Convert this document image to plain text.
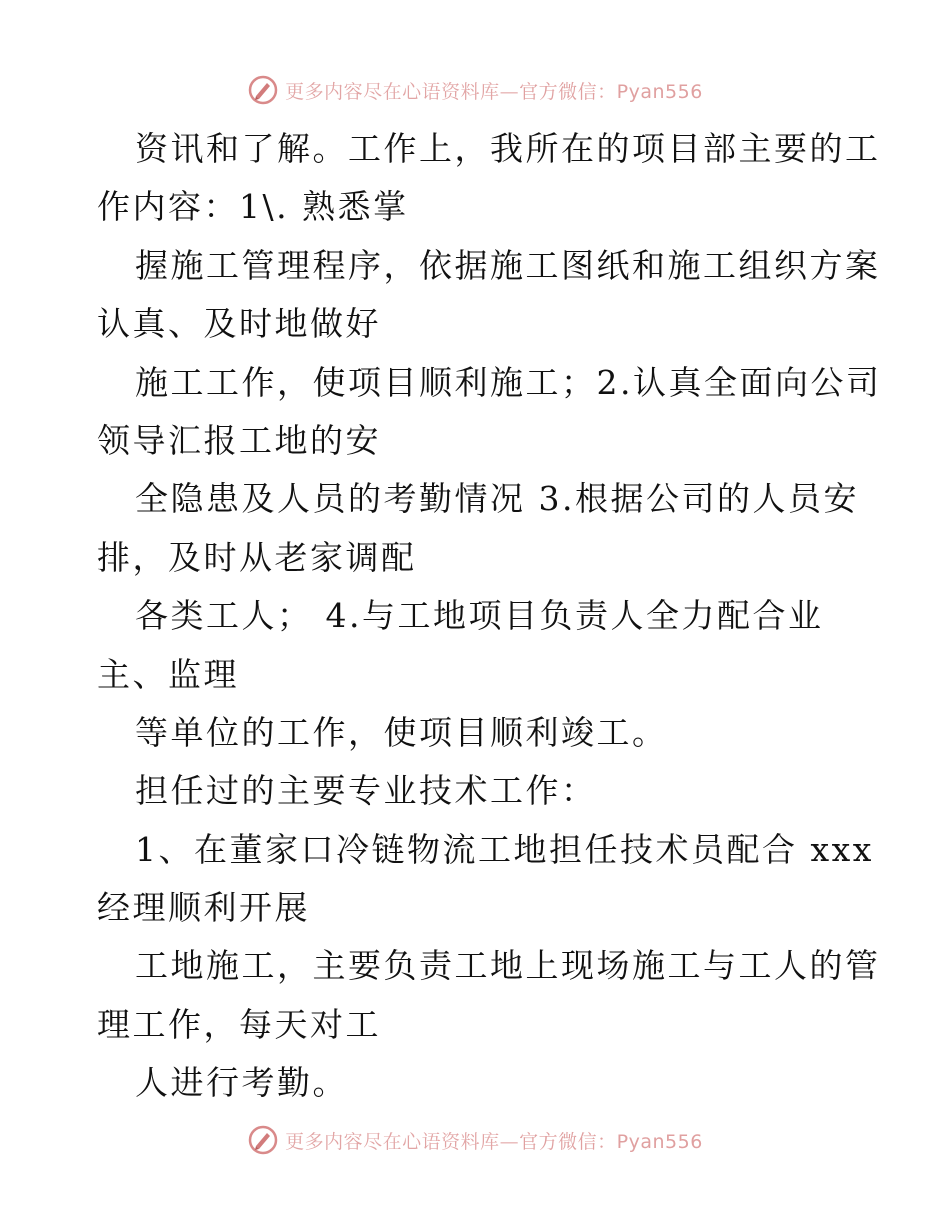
更多内容尽在心语资料库—官方微信：Pyan556
资讯和了解。工作上，我所在的项目部主要的工
作内容：1\. 熟悉掌
握施工管理程序，依据施工图纸和施工组织方案
认真、及时地做好
施工工作，使项目顺利施工；2.认真全面向公司
领导汇报工地的安
全隐患及人员的考勤情况 3.根据公司的人员安
排，及时从老家调配
各类工人； 4.与工地项目负责人全力配合业
主、监理
等单位的工作，使项目顺利竣工。
担任过的主要专业技术工作：
1、在董家口冷链物流工地担任技术员配合 xxx
经理顺利开展
工地施工，主要负责工地上现场施工与工人的管
理工作，每天对工
人进行考勤。
更多内容尽在心语资料库—官方微信：Pyan556
